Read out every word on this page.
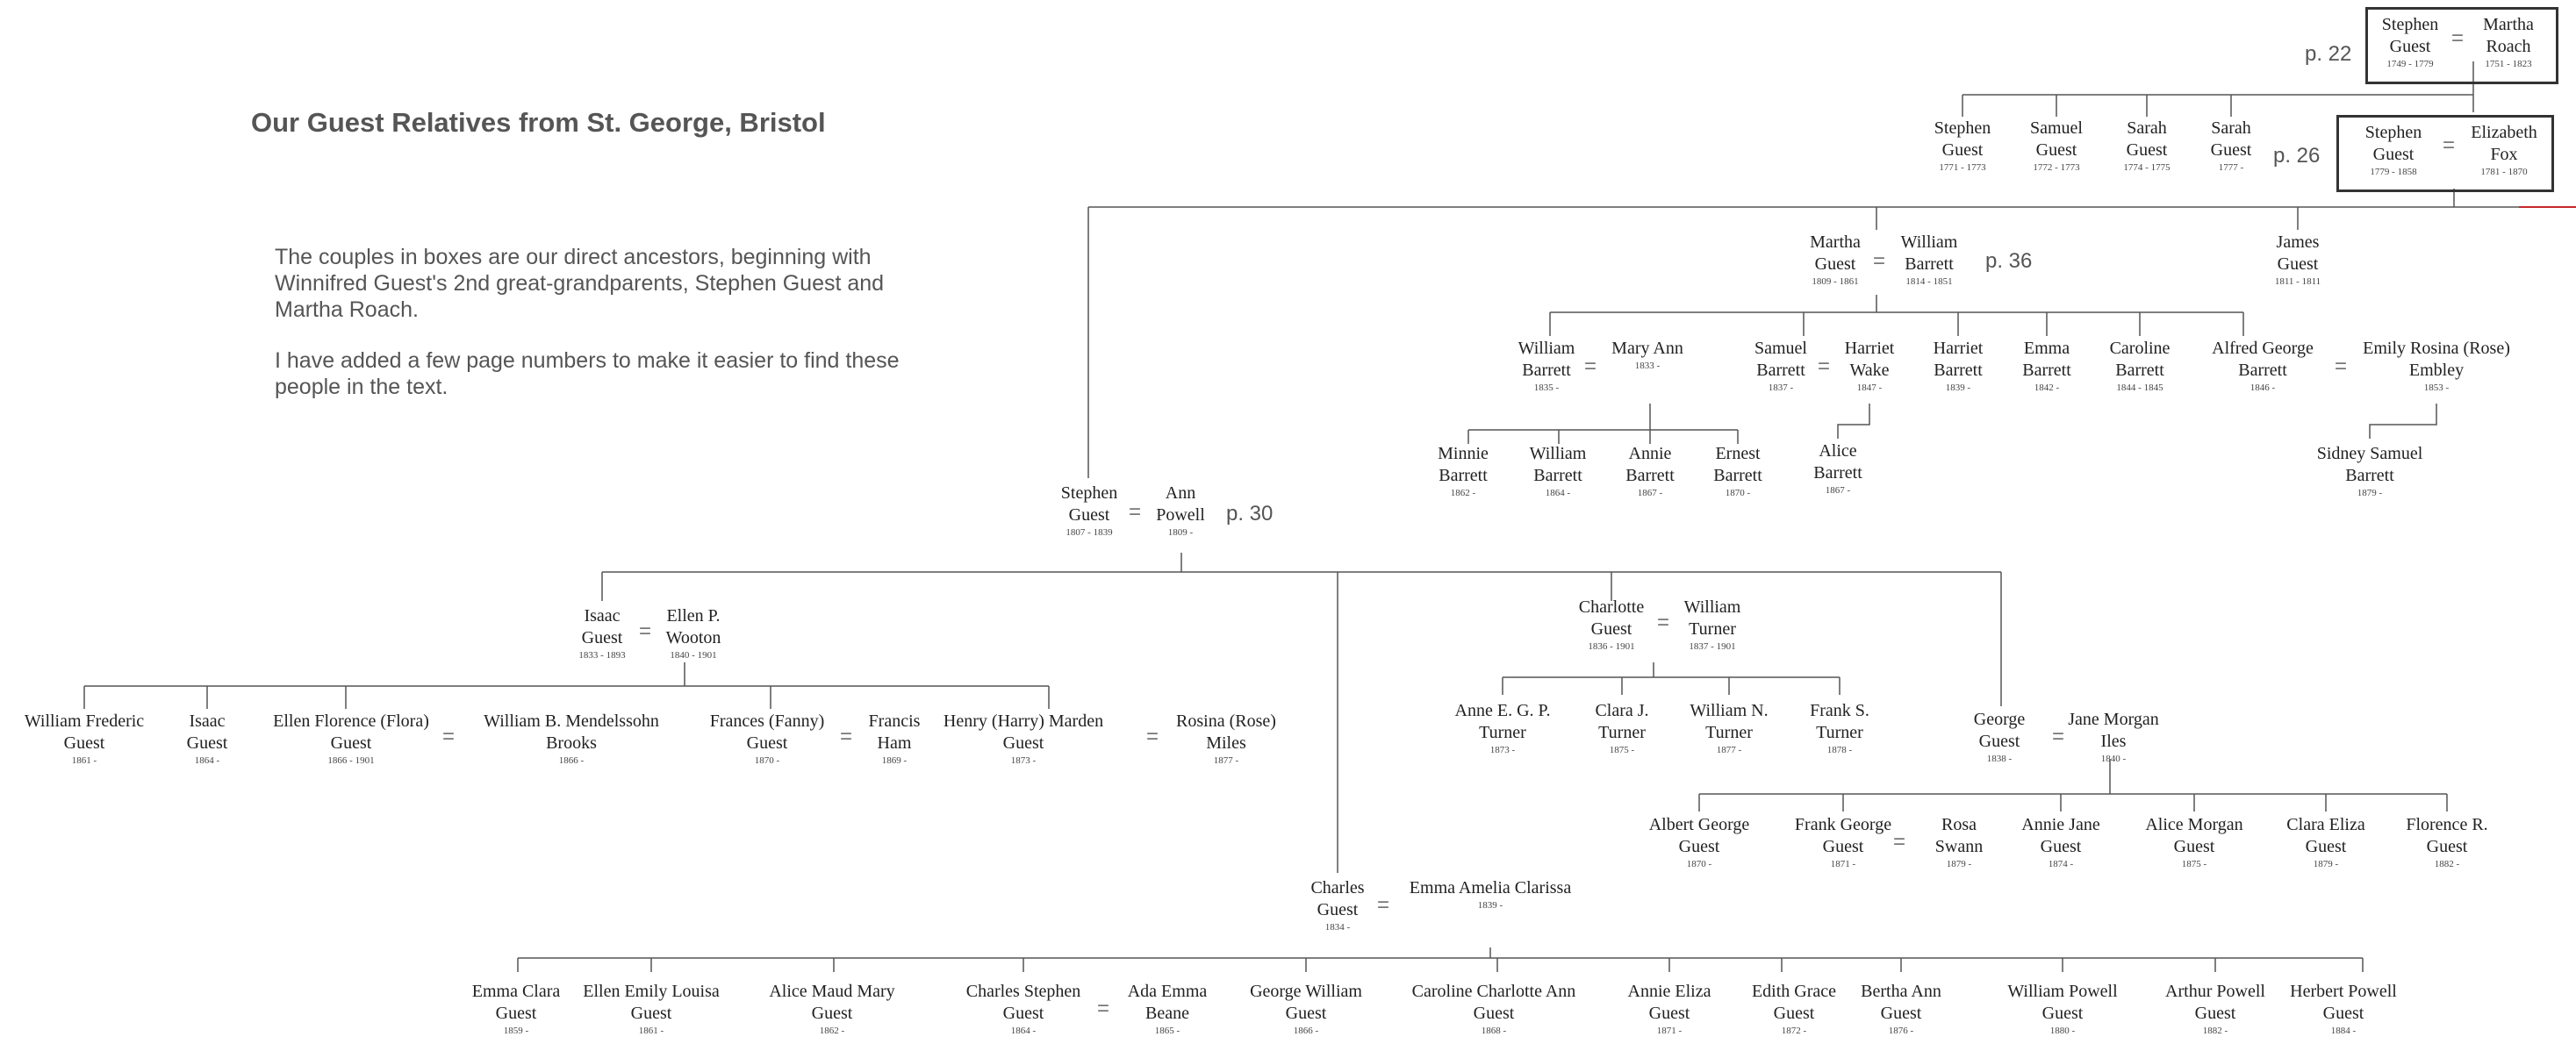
Our Guest Relatives from St. George, Bristol
The couples in boxes are our direct ancestors, beginning with Winnifred Guest's 2nd great-grandparents, Stephen Guest and Martha Roach.
I have added a few page numbers to make it easier to find these people in the text.
p. 22
p. 26
p. 36
p. 30
Stephen
Guest
1749 - 1779
Martha
Roach
1751 - 1823
Stephen
Guest
1771 - 1773
Samuel
Guest
1772 - 1773
Sarah
Guest
1774 - 1775
Sarah
Guest
1777 -
Stephen
Guest
1779 - 1858
Elizabeth
Fox
1781 - 1870
Martha
Guest
1809 - 1861
William
Barrett
1814 - 1851
James
Guest
1811 - 1811
William
Barrett
1835 -
Mary Ann
1833 -
Samuel
Barrett
1837 -
Harriet
Wake
1847 -
Harriet
Barrett
1839 -
Emma
Barrett
1842 -
Caroline
Barrett
1844 - 1845
Alfred George
Barrett
1846 -
Emily Rosina (Rose)
Embley
1853 -
Minnie
Barrett
1862 -
William
Barrett
1864 -
Annie
Barrett
1867 -
Ernest
Barrett
1870 -
Alice
Barrett
1867 -
Sidney Samuel
Barrett
1879 -
Stephen
Guest
1807 - 1839
Ann
Powell
1809 -
Isaac
Guest
1833 - 1893
Ellen P.
Wooton
1840 - 1901
Charlotte
Guest
1836 - 1901
William
Turner
1837 - 1901
William Frederic
Guest
1861 -
Isaac
Guest
1864 -
Ellen Florence (Flora)
Guest
1866 - 1901
William B. Mendelssohn
Brooks
1866 -
Frances (Fanny)
Guest
1870 -
Francis
Ham
1869 -
Henry (Harry) Marden
Guest
1873 -
Rosina (Rose)
Miles
1877 -
Anne E. G. P.
Turner
1873 -
Clara J.
Turner
1875 -
William N.
Turner
1877 -
Frank S.
Turner
1878 -
George
Guest
1838 -
Jane Morgan
Iles
1840 -
Albert George
Guest
1870 -
Frank George
Guest
1871 -
Rosa
Swann
1879 -
Annie Jane
Guest
1874 -
Alice Morgan
Guest
1875 -
Clara Eliza
Guest
1879 -
Florence R.
Guest
1882 -
Charles
Guest
1834 -
Emma Amelia Clarissa
1839 -
Emma Clara
Guest
1859 -
Ellen Emily Louisa
Guest
1861 -
Alice Maud Mary
Guest
1862 -
Charles Stephen
Guest
1864 -
Ada Emma
Beane
1865 -
George William
Guest
1866 -
Caroline Charlotte Ann
Guest
1868 -
Annie Eliza
Guest
1871 -
Edith Grace
Guest
1872 -
Bertha Ann
Guest
1876 -
William Powell
Guest
1880 -
Arthur Powell
Guest
1882 -
Herbert Powell
Guest
1884 -
=
=
=
=	=	=
=
=	=
=	=	=	=
=
=
=
